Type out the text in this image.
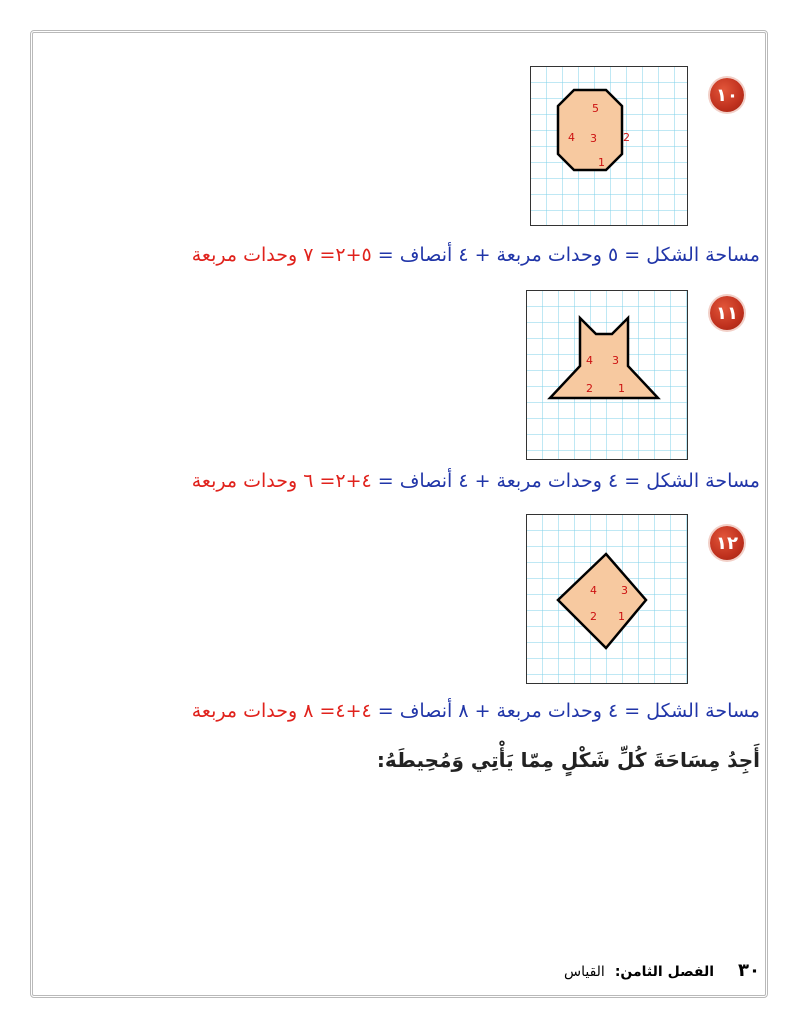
١٠
5
4 3 2
1
مساحة الشكل = ٥ وحدات مربعة + ٤ أنصاف = ٥+٢= ٧ وحدات مربعة
١١
4 3
2 1
مساحة الشكل = ٤ وحدات مربعة + ٤ أنصاف = ٤+٢= ٦ وحدات مربعة
١٢
4 3
2 1
مساحة الشكل = ٤ وحدات مربعة + ٨ أنصاف = ٤+٤= ٨ وحدات مربعة
أَجِدُ مِسَاحَةَ كُلِّ شَكْلٍ مِمّا يَأْتِي وَمُحِيطَهُ:
٣٠
الفصل الثامن:
القياس
